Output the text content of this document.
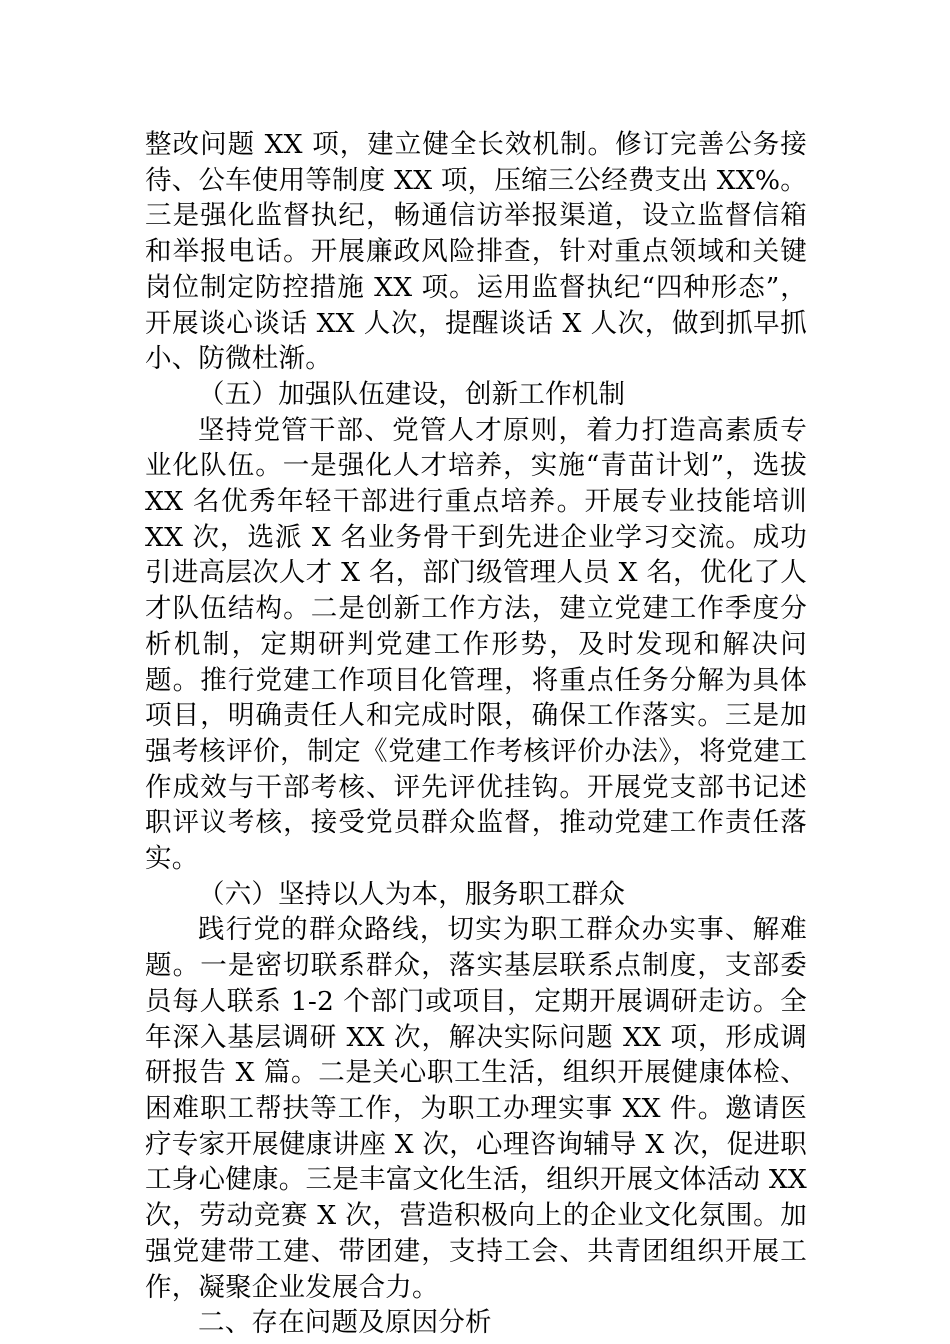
整改问题 XX 项，建立健全长效机制。修订完善公务接待、公车使用等制度 XX 项，压缩三公经费支出 XX%。三是强化监督执纪，畅通信访举报渠道，设立监督信箱和举报电话。开展廉政风险排查，针对重点领域和关键岗位制定防控措施 XX 项。运用监督执纪“四种形态”，开展谈心谈话 XX 人次，提醒谈话 X 人次，做到抓早抓小、防微杜渐。

（五）加强队伍建设，创新工作机制

坚持党管干部、党管人才原则，着力打造高素质专业化队伍。一是强化人才培养，实施“青苗计划”，选拔 XX 名优秀年轻干部进行重点培养。开展专业技能培训 XX 次，选派 X 名业务骨干到先进企业学习交流。成功引进高层次人才 X 名，部门级管理人员 X 名，优化了人才队伍结构。二是创新工作方法，建立党建工作季度分析机制，定期研判党建工作形势，及时发现和解决问题。推行党建工作项目化管理，将重点任务分解为具体项目，明确责任人和完成时限，确保工作落实。三是加强考核评价，制定《党建工作考核评价办法》，将党建工作成效与干部考核、评先评优挂钩。开展党支部书记述职评议考核，接受党员群众监督，推动党建工作责任落实。

（六）坚持以人为本，服务职工群众

践行党的群众路线，切实为职工群众办实事、解难题。一是密切联系群众，落实基层联系点制度，支部委员每人联系 1-2 个部门或项目，定期开展调研走访。全年深入基层调研 XX 次，解决实际问题 XX 项，形成调研报告 X 篇。二是关心职工生活，组织开展健康体检、困难职工帮扶等工作，为职工办理实事 XX 件。邀请医疗专家开展健康讲座 X 次，心理咨询辅导 X 次，促进职工身心健康。三是丰富文化生活，组织开展文体活动 XX 次，劳动竞赛 X 次，营造积极向上的企业文化氛围。加强党建带工建、带团建，支持工会、共青团组织开展工作，凝聚企业发展合力。

二、存在问题及原因分析
